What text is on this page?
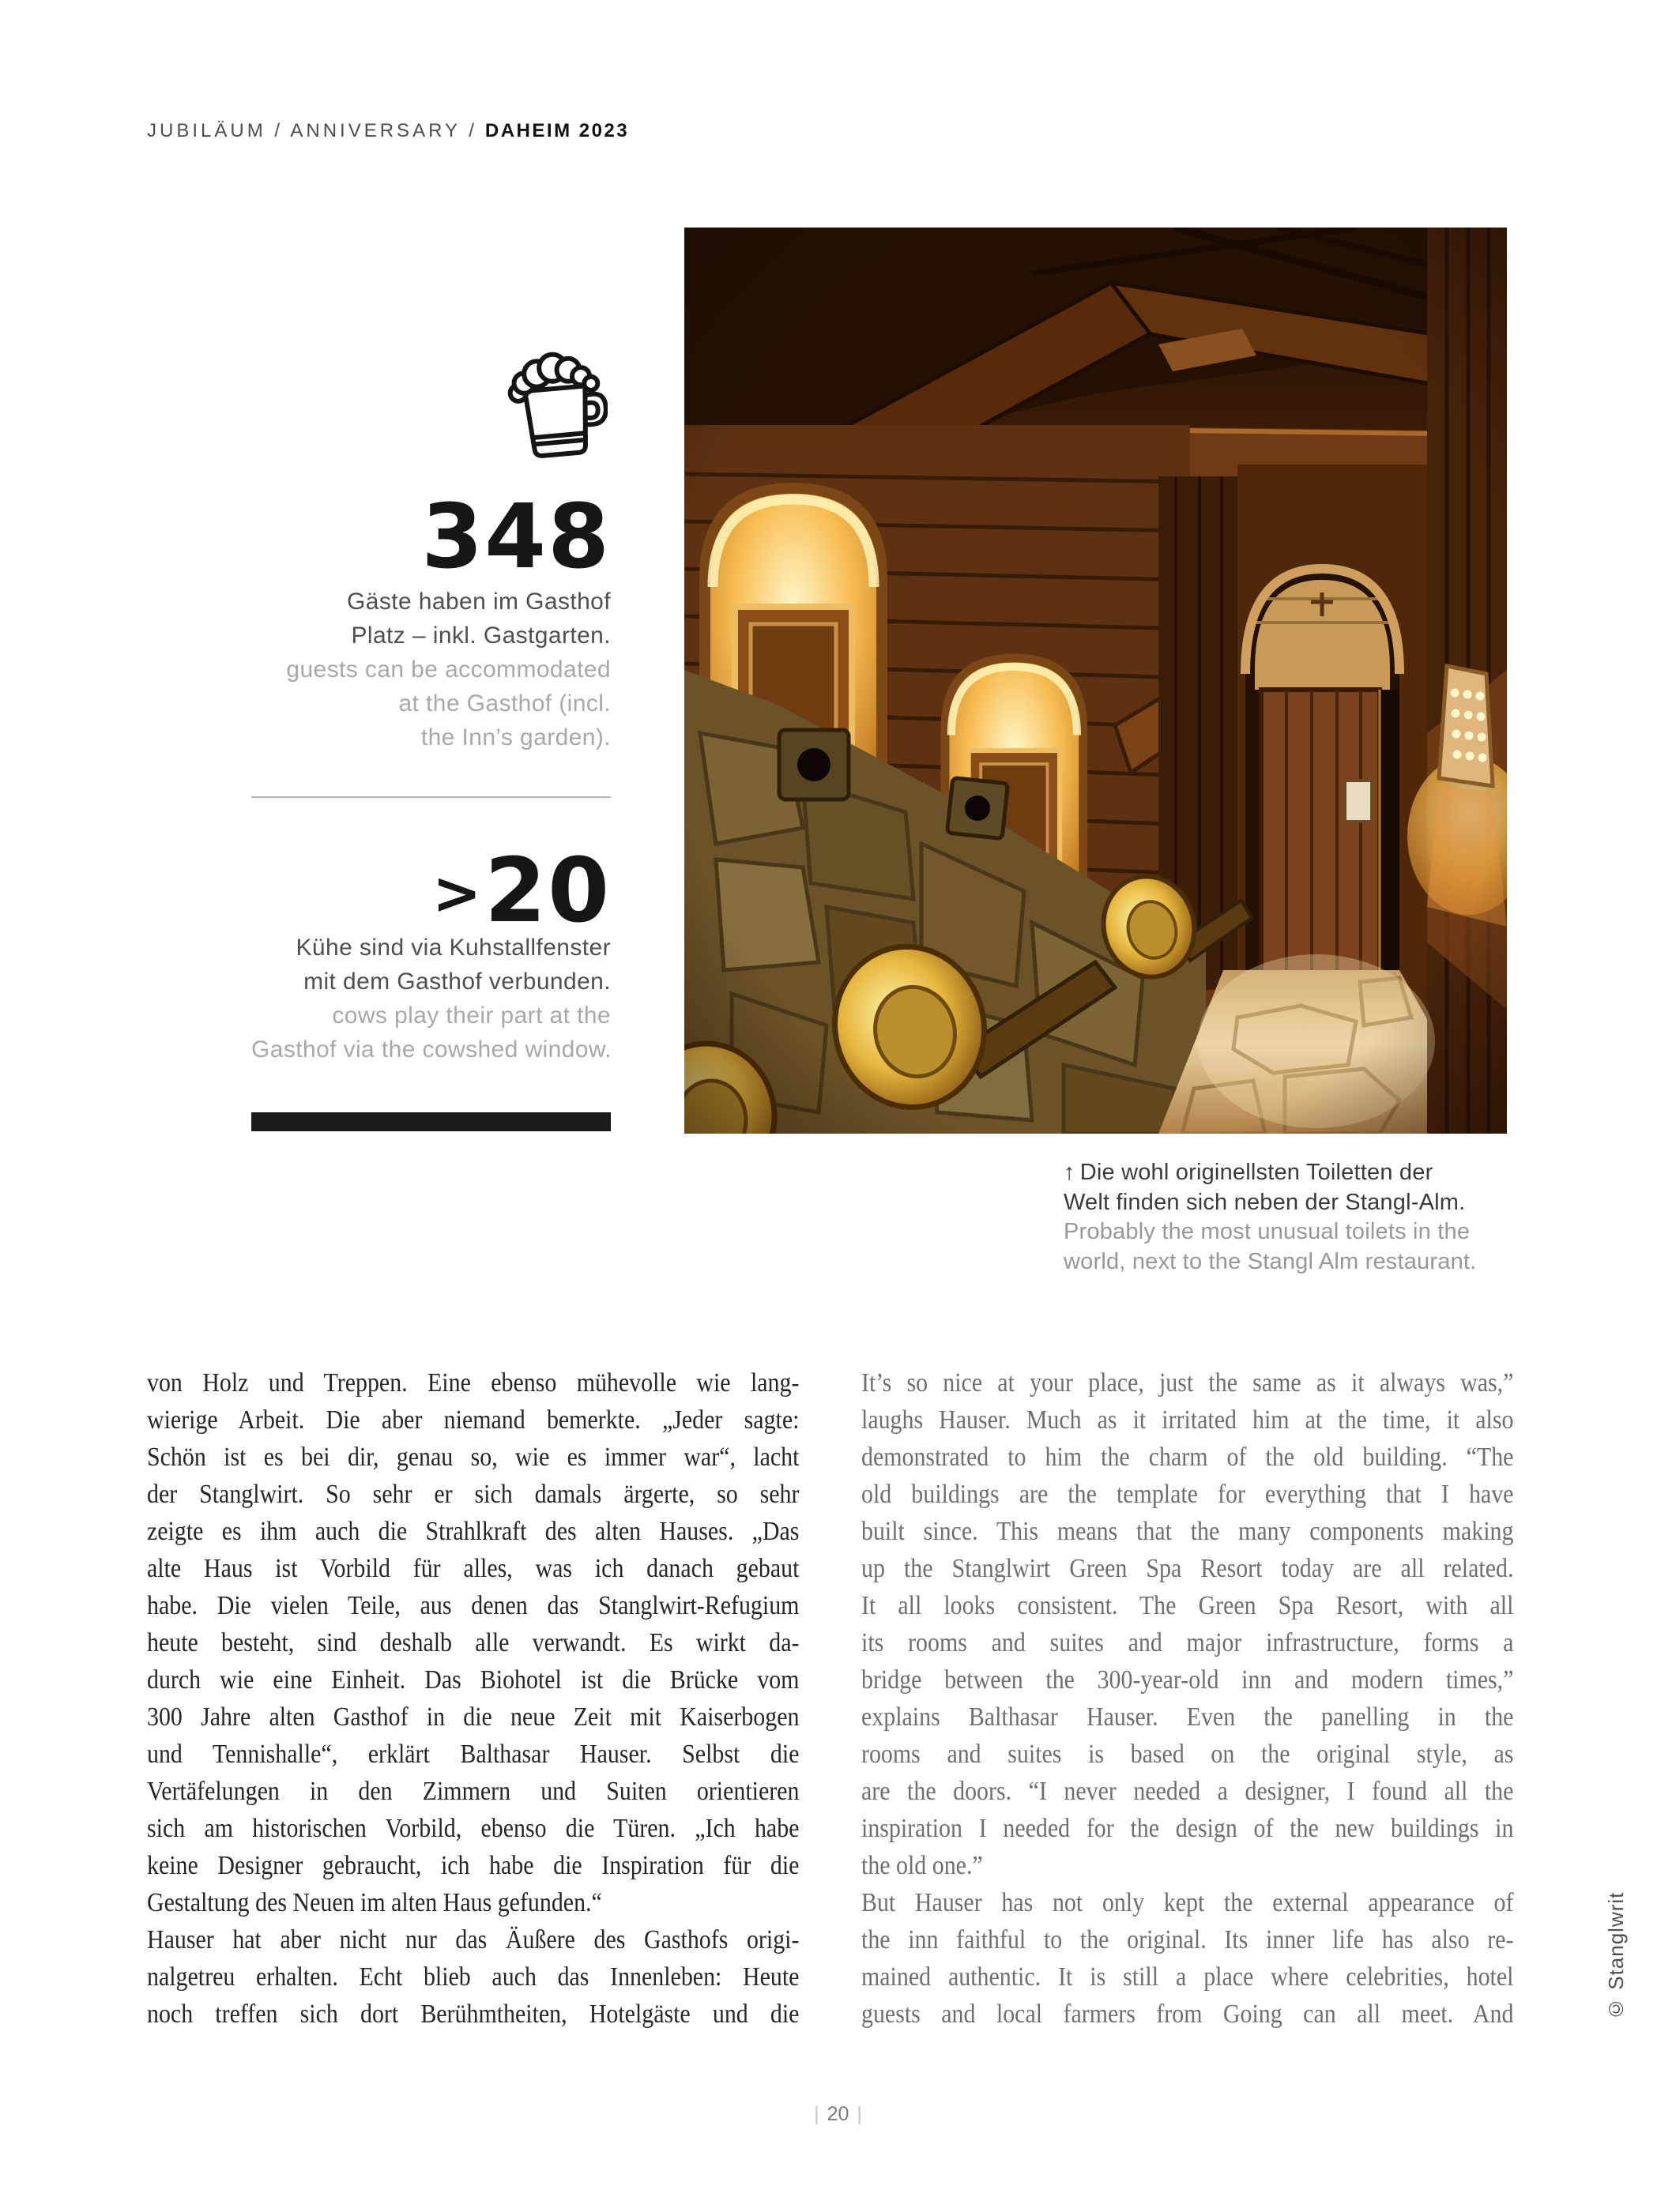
JUBILÄUM / ANNIVERSARY / DAHEIM 2023
348
Gäste haben im Gasthof
Platz – inkl. Gastgarten.
guests can be accommodated
at the Gasthof (incl.
the Inn’s garden).
>20
Kühe sind via Kuhstallfenster
mit dem Gasthof verbunden.
cows play their part at the
Gasthof via the cowshed window.
↑ Die wohl originellsten Toiletten der
Welt finden sich neben der Stangl-Alm.
Probably the most unusual toilets in the
world, next to the Stangl Alm restaurant.
von Holz und Treppen. Eine ebenso mühevolle wie lang-
wierige Arbeit. Die aber niemand bemerkte. „Jeder sagte:
Schön ist es bei dir, genau so, wie es immer war“, lacht
der Stanglwirt. So sehr er sich damals ärgerte, so sehr
zeigte es ihm auch die Strahlkraft des alten Hauses. „Das
alte Haus ist Vorbild für alles, was ich danach gebaut
habe. Die vielen Teile, aus denen das Stanglwirt-Refugium
heute besteht, sind deshalb alle verwandt. Es wirkt da-
durch wie eine Einheit. Das Biohotel ist die Brücke vom
300 Jahre alten Gasthof in die neue Zeit mit Kaiserbogen
und Tennishalle“, erklärt Balthasar Hauser. Selbst die
Vertäfelungen in den Zimmern und Suiten orientieren
sich am historischen Vorbild, ebenso die Türen. „Ich habe
keine Designer gebraucht, ich habe die Inspiration für die
Gestaltung des Neuen im alten Haus gefunden.“
Hauser hat aber nicht nur das Äußere des Gasthofs origi-
nalgetreu erhalten. Echt blieb auch das Innenleben: Heute
noch treffen sich dort Berühmtheiten, Hotelgäste und die
It’s so nice at your place, just the same as it always was,”
laughs Hauser. Much as it irritated him at the time, it also
demonstrated to him the charm of the old building. “The
old buildings are the template for everything that I have
built since. This means that the many components making
up the Stanglwirt Green Spa Resort today are all related.
It all looks consistent. The Green Spa Resort, with all
its rooms and suites and major infrastructure, forms a
bridge between the 300-year-old inn and modern times,”
explains Balthasar Hauser. Even the panelling in the
rooms and suites is based on the original style, as
are the doors. “I never needed a designer, I found all the
inspiration I needed for the design of the new buildings in
the old one.”
But Hauser has not only kept the external appearance of
the inn faithful to the original. Its inner life has also re-
mained authentic. It is still a place where celebrities, hotel
guests and local farmers from Going can all meet. And	© Stanglwrit
| 20 |
